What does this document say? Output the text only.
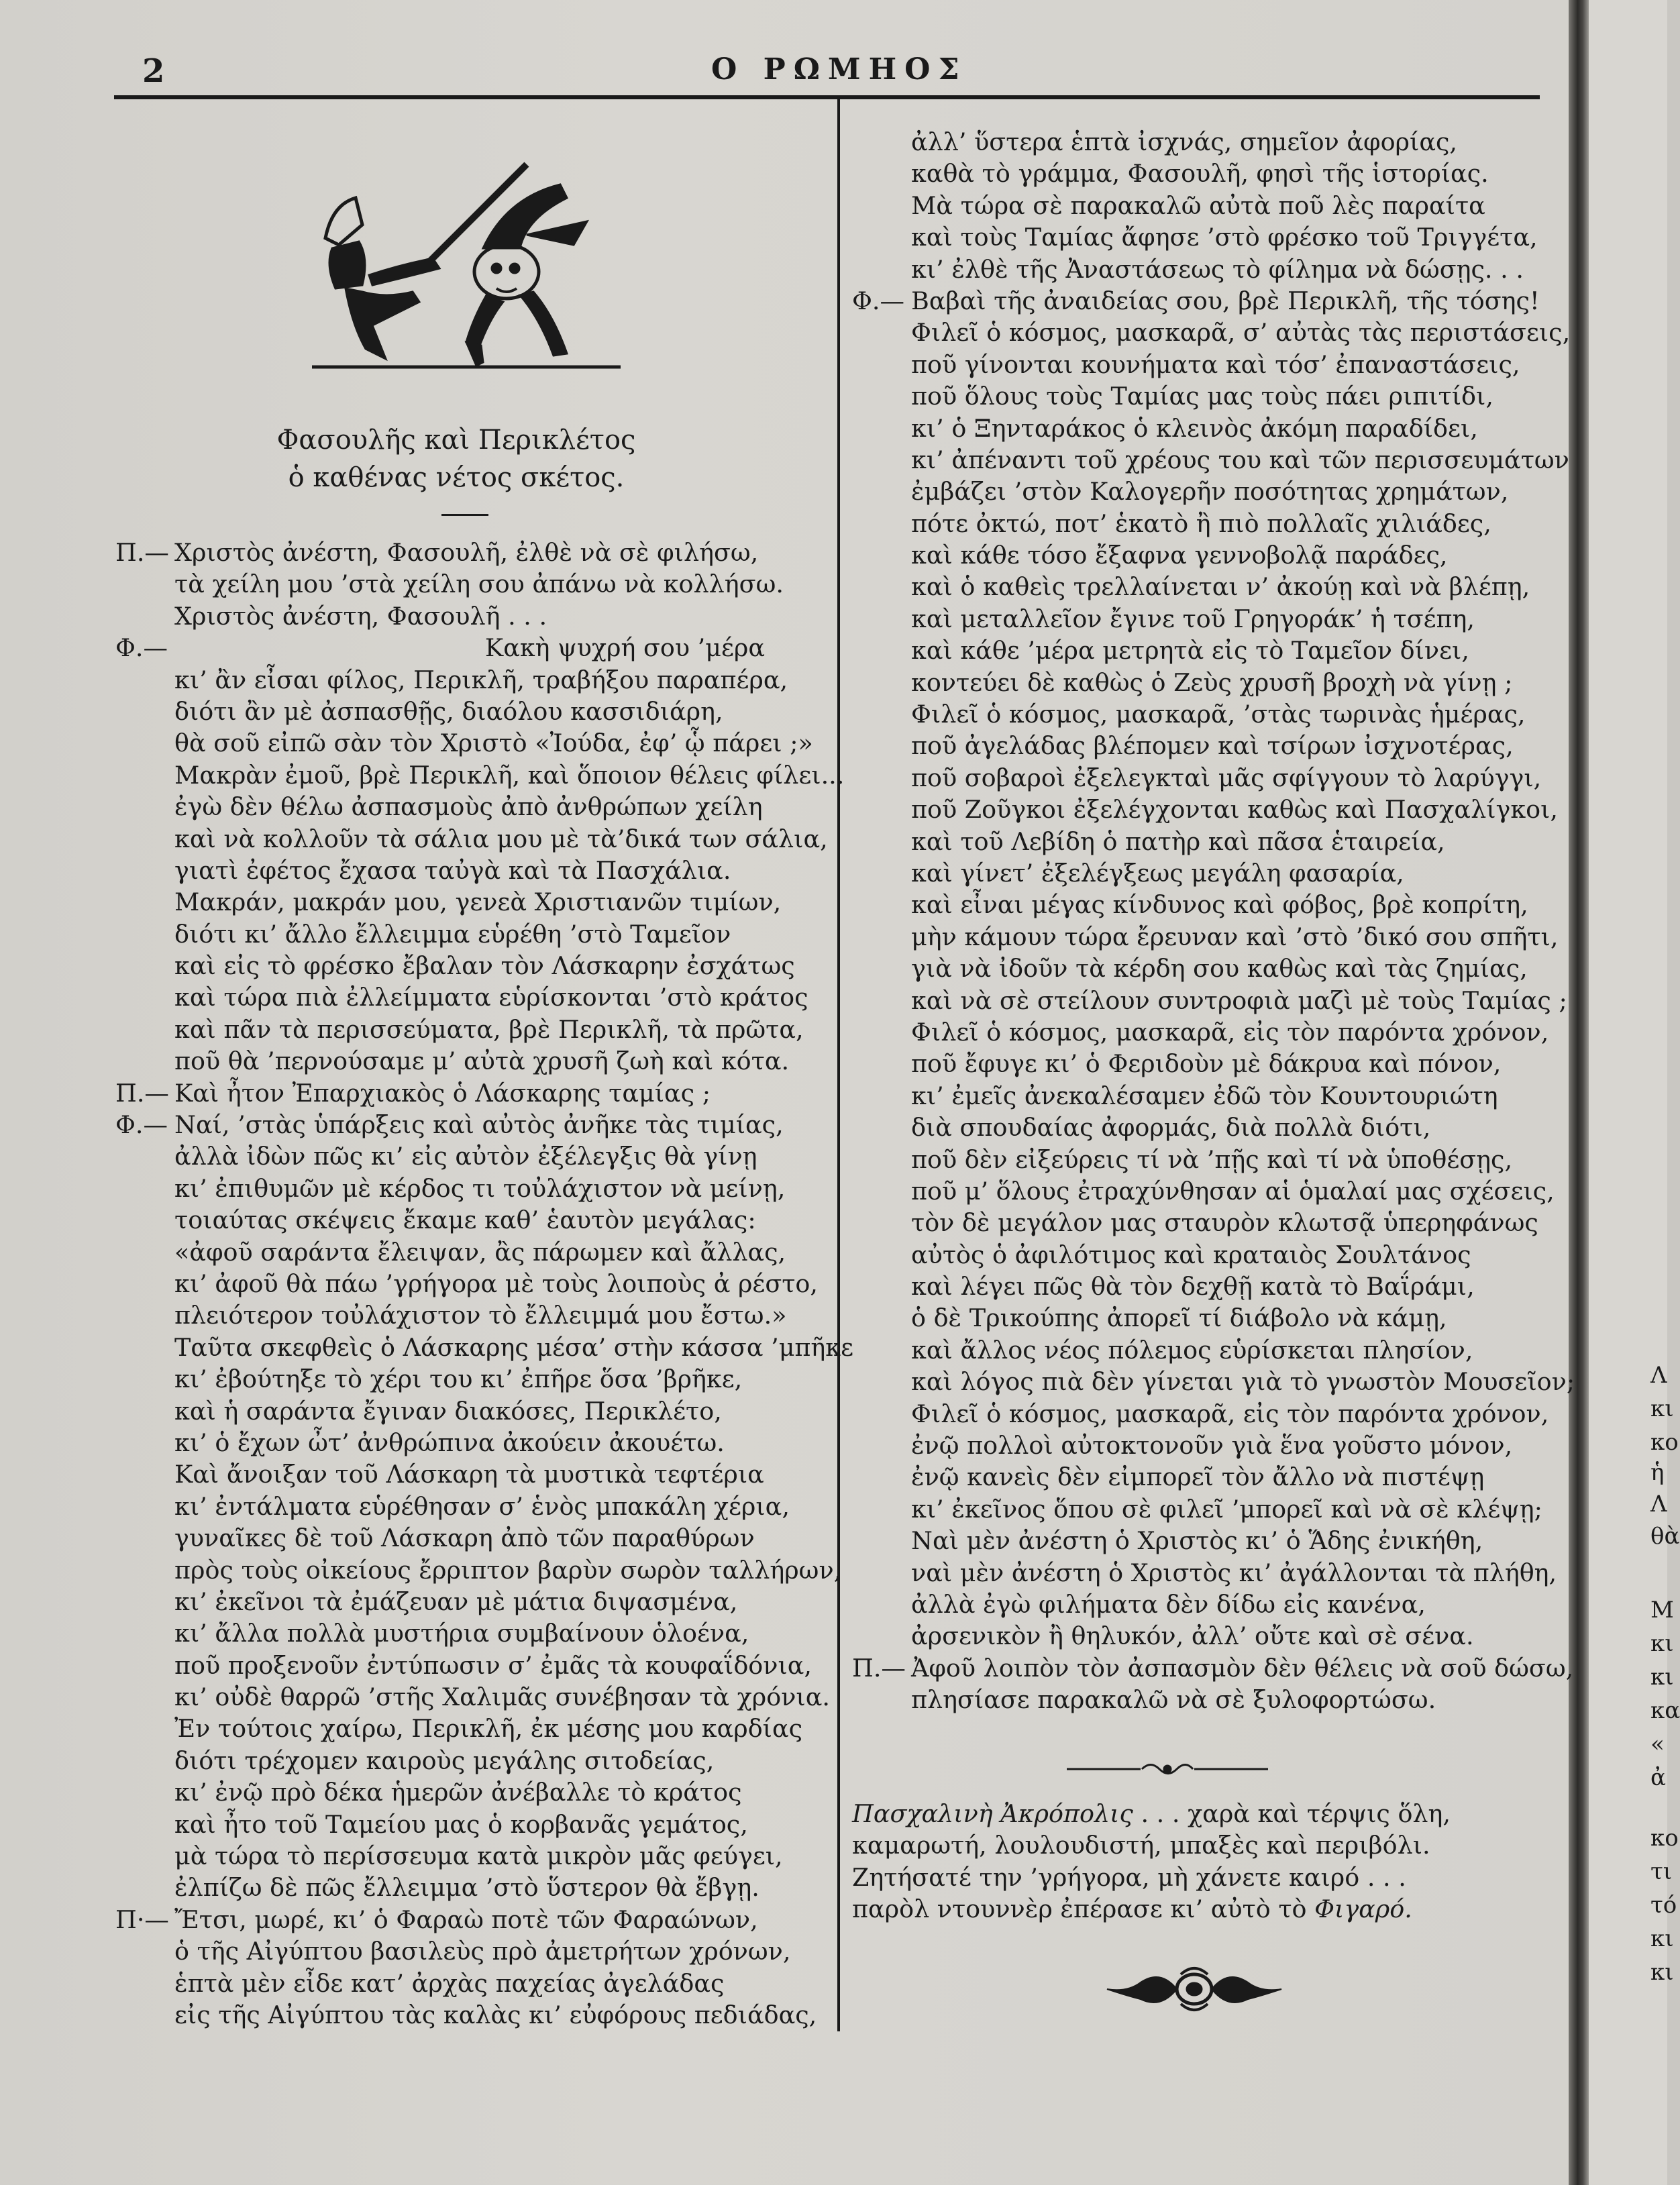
2	Ο ΡΩΜΗΟΣ
Φασουλῆς καὶ Περικλέτος
ὁ καθένας νέτος σκέτος.
Π.— Χριστὸς ἀνέστη, Φασουλῆ, ἐλθὲ νὰ σὲ φιλήσω,
τὰ χείλη μου ’στὰ χείλη σου ἀπάνω νὰ κολλήσω.
Χριστὸς ἀνέστη, Φασουλῆ . . .
Φ.—	Κακὴ ψυχρή σου ’μέρα
κι’ ἂν εἶσαι φίλος, Περικλῆ, τραβήξου παραπέρα,
διότι ἂν μὲ ἀσπασθῇς, διαόλου κασσιδιάρη,
θὰ σοῦ εἰπῶ σὰν τὸν Χριστὸ «Ἰούδα, ἐφ’ ᾧ πάρει ;»
Μακρὰν ἐμοῦ, βρὲ Περικλῆ, καὶ ὅποιον θέλεις φίλει...
ἐγὼ δὲν θέλω ἀσπασμοὺς ἀπὸ ἀνθρώπων χείλη
καὶ νὰ κολλοῦν τὰ σάλια μου μὲ τὰ’δικά των σάλια,
γιατὶ ἐφέτος ἔχασα ταὐγὰ καὶ τὰ Πασχάλια.
Μακράν, μακράν μου, γενεὰ Χριστιανῶν τιμίων,
διότι κι’ ἄλλο ἔλλειμμα εὑρέθη ’στὸ Ταμεῖον
καὶ εἰς τὸ φρέσκο ἔβαλαν τὸν Λάσκαρην ἐσχάτως
καὶ τώρα πιὰ ἐλλείμματα εὑρίσκονται ’στὸ κράτος
καὶ πᾶν τὰ περισσεύματα, βρὲ Περικλῆ, τὰ πρῶτα,
ποῦ θὰ ’περνούσαμε μ’ αὐτὰ χρυσῆ ζωὴ καὶ κότα.
Π.— Καὶ ἦτον Ἐπαρχιακὸς ὁ Λάσκαρης ταμίας ;
Φ.— Ναί, ’στὰς ὑπάρξεις καὶ αὐτὸς ἀνῆκε τὰς τιμίας,
ἀλλὰ ἰδὼν πῶς κι’ εἰς αὐτὸν ἐξέλεγξις θὰ γίνῃ
κι’ ἐπιθυμῶν μὲ κέρδος τι τοὐλάχιστον νὰ μείνῃ,
τοιαύτας σκέψεις ἔκαμε καθ’ ἑαυτὸν μεγάλας:
«ἀφοῦ σαράντα ἔλειψαν, ἂς πάρωμεν καὶ ἄλλας,
κι’ ἀφοῦ θὰ πάω ’γρήγορα μὲ τοὺς λοιποὺς ἀ ρέστο,
πλειότερον τοὐλάχιστον τὸ ἔλλειμμά μου ἔστω.»
Ταῦτα σκεφθεὶς ὁ Λάσκαρης μέσα’ στὴν κάσσα ’μπῆκε
κι’ ἐβούτηξε τὸ χέρι του κι’ ἐπῆρε ὅσα ’βρῆκε,
καὶ ἡ σαράντα ἔγιναν διακόσες, Περικλέτο,
κι’ ὁ ἔχων ὦτ’ ἀνθρώπινα ἀκούειν ἀκουέτω.
Καὶ ἄνοιξαν τοῦ Λάσκαρη τὰ μυστικὰ τεφτέρια
κι’ ἐντάλματα εὑρέθησαν σ’ ἑνὸς μπακάλη χέρια,
γυναῖκες δὲ τοῦ Λάσκαρη ἀπὸ τῶν παραθύρων
πρὸς τοὺς οἰκείους ἔρριπτον βαρὺν σωρὸν ταλλήρων,
κι’ ἐκεῖνοι τὰ ἐμάζευαν μὲ μάτια διψασμένα,
κι’ ἄλλα πολλὰ μυστήρια συμβαίνουν ὁλοένα,
ποῦ προξενοῦν ἐντύπωσιν σ’ ἐμᾶς τὰ κουφαΐδόνια,
κι’ οὐδὲ θαρρῶ ’στῆς Χαλιμᾶς συνέβησαν τὰ χρόνια.
Ἐν τούτοις χαίρω, Περικλῆ, ἐκ μέσης μου καρδίας
διότι τρέχομεν καιροὺς μεγάλης σιτοδείας,
κι’ ἐνῷ πρὸ δέκα ἡμερῶν ἀνέβαλλε τὸ κράτος
καὶ ἦτο τοῦ Ταμείου μας ὁ κορβανᾶς γεμάτος,
μὰ τώρα τὸ περίσσευμα κατὰ μικρὸν μᾶς φεύγει,
ἐλπίζω δὲ πῶς ἔλλειμμα ’στὸ ὕστερον θὰ ἔβγῃ.
Π·— Ἔτσι, μωρέ, κι’ ὁ Φαραὼ ποτὲ τῶν Φαραώνων,
ὁ τῆς Αἰγύπτου βασιλεὺς πρὸ ἀμετρήτων χρόνων,
ἑπτὰ μὲν εἶδε κατ’ ἀρχὰς παχείας ἀγελάδας
εἰς τῆς Αἰγύπτου τὰς καλὰς κι’ εὐφόρους πεδιάδας,
ἀλλ’ ὕστερα ἑπτὰ ἰσχνάς, σημεῖον ἀφορίας,
καθὰ τὸ γράμμα, Φασουλῆ, φησὶ τῆς ἱστορίας.
Μὰ τώρα σὲ παρακαλῶ αὐτὰ ποῦ λὲς παραίτα
καὶ τοὺς Ταμίας ἄφησε ’στὸ φρέσκο τοῦ Τριγγέτα,
κι’ ἐλθὲ τῆς Ἀναστάσεως τὸ φίλημα νὰ δώσῃς. . .
Φ.— Βαβαὶ τῆς ἀναιδείας σου, βρὲ Περικλῆ, τῆς τόσης!
Φιλεῖ ὁ κόσμος, μασκαρᾶ, σ’ αὐτὰς τὰς περιστάσεις,
ποῦ γίνονται κουνήματα καὶ τόσ’ ἐπαναστάσεις,
ποῦ ὅλους τοὺς Ταμίας μας τοὺς πάει ριπιτίδι,
κι’ ὁ Ξηνταράκος ὁ κλεινὸς ἀκόμη παραδίδει,
κι’ ἀπέναντι τοῦ χρέους του καὶ τῶν περισσευμάτων
ἐμβάζει ’στὸν Καλογερῆν ποσότητας χρημάτων,
πότε ὀκτώ, ποτ’ ἑκατὸ ἢ πιὸ πολλαῖς χιλιάδες,
καὶ κάθε τόσο ἔξαφνα γεννοβολᾷ παράδες,
καὶ ὁ καθεὶς τρελλαίνεται ν’ ἀκούῃ καὶ νὰ βλέπῃ,
καὶ μεταλλεῖον ἔγινε τοῦ Γρηγοράκ’ ἡ τσέπη,
καὶ κάθε ’μέρα μετρητὰ εἰς τὸ Ταμεῖον δίνει,
κοντεύει δὲ καθὼς ὁ Ζεὺς χρυσῆ βροχὴ νὰ γίνῃ ;
Φιλεῖ ὁ κόσμος, μασκαρᾶ, ’στὰς τωρινὰς ἡμέρας,
ποῦ ἀγελάδας βλέπομεν καὶ τσίρων ἰσχνοτέρας,
ποῦ σοβαροὶ ἐξελεγκταὶ μᾶς σφίγγουν τὸ λαρύγγι,
ποῦ Ζοῦγκοι ἐξελέγχονται καθὼς καὶ Πασχαλίγκοι,
καὶ τοῦ Λεβίδη ὁ πατὴρ καὶ πᾶσα ἑταιρεία,
καὶ γίνετ’ ἐξελέγξεως μεγάλη φασαρία,
καὶ εἶναι μέγας κίνδυνος καὶ φόβος, βρὲ κοπρίτη,
μὴν κάμουν τώρα ἔρευναν καὶ ’στὸ ’δικό σου σπῆτι,
γιὰ νὰ ἰδοῦν τὰ κέρδη σου καθὼς καὶ τὰς ζημίας,
καὶ νὰ σὲ στείλουν συντροφιὰ μαζὶ μὲ τοὺς Ταμίας ;
Φιλεῖ ὁ κόσμος, μασκαρᾶ, εἰς τὸν παρόντα χρόνον,
ποῦ ἔφυγε κι’ ὁ Φεριδοὺν μὲ δάκρυα καὶ πόνον,
κι’ ἐμεῖς ἀνεκαλέσαμεν ἐδῶ τὸν Κουντουριώτη
διὰ σπουδαίας ἀφορμάς, διὰ πολλὰ διότι,
ποῦ δὲν εἰξεύρεις τί νὰ ’πῇς καὶ τί νὰ ὑποθέσῃς,
ποῦ μ’ ὅλους ἐτραχύνθησαν αἱ ὁμαλαί μας σχέσεις,
τὸν δὲ μεγάλον μας σταυρὸν κλωτσᾷ ὑπερηφάνως
αὐτὸς ὁ ἀφιλότιμος καὶ κραταιὸς Σουλτάνος
καὶ λέγει πῶς θὰ τὸν δεχθῇ κατὰ τὸ Βαΐράμι,
ὁ δὲ Τρικούπης ἀπορεῖ τί διάβολο νὰ κάμῃ,
καὶ ἄλλος νέος πόλεμος εὑρίσκεται πλησίον,
καὶ λόγος πιὰ δὲν γίνεται γιὰ τὸ γνωστὸν Μουσεῖον;
Φιλεῖ ὁ κόσμος, μασκαρᾶ, εἰς τὸν παρόντα χρόνον,
ἐνῷ πολλοὶ αὐτοκτονοῦν γιὰ ἕνα γοῦστο μόνον,
ἐνῷ κανεὶς δὲν εἰμπορεῖ τὸν ἄλλο νὰ πιστέψῃ
κι’ ἐκεῖνος ὅπου σὲ φιλεῖ ’μπορεῖ καὶ νὰ σὲ κλέψῃ;
Ναὶ μὲν ἀνέστη ὁ Χριστὸς κι’ ὁ Ἅδης ἐνικήθη,
ναὶ μὲν ἀνέστη ὁ Χριστὸς κι’ ἀγάλλονται τὰ πλήθη,
ἀλλὰ ἐγὼ φιλήματα δὲν δίδω εἰς κανένα,
ἀρσενικὸν ἢ θηλυκόν, ἀλλ’ οὔτε καὶ σὲ σένα.
Π.— Ἀφοῦ λοιπὸν τὸν ἀσπασμὸν δὲν θέλεις νὰ σοῦ δώσω,
πλησίασε παρακαλῶ νὰ σὲ ξυλοφορτώσω.
Πασχαλινὴ Ἀκρόπολις . . . χαρὰ καὶ τέρψις ὅλη,
καμαρωτή, λουλουδιστή, μπαξὲς καὶ περιβόλι.
Ζητήσατέ την ’γρήγορα, μὴ χάνετε καιρό . . .
παρὸλ ντουννὲρ ἐπέρασε κι’ αὐτὸ τὸ Φιγαρό.
Λ
κι
κο
ἡ
Λ
θὰ
Μ
κι
κι
κα
«
ἀ
κο
τι
τό
κι
κι
